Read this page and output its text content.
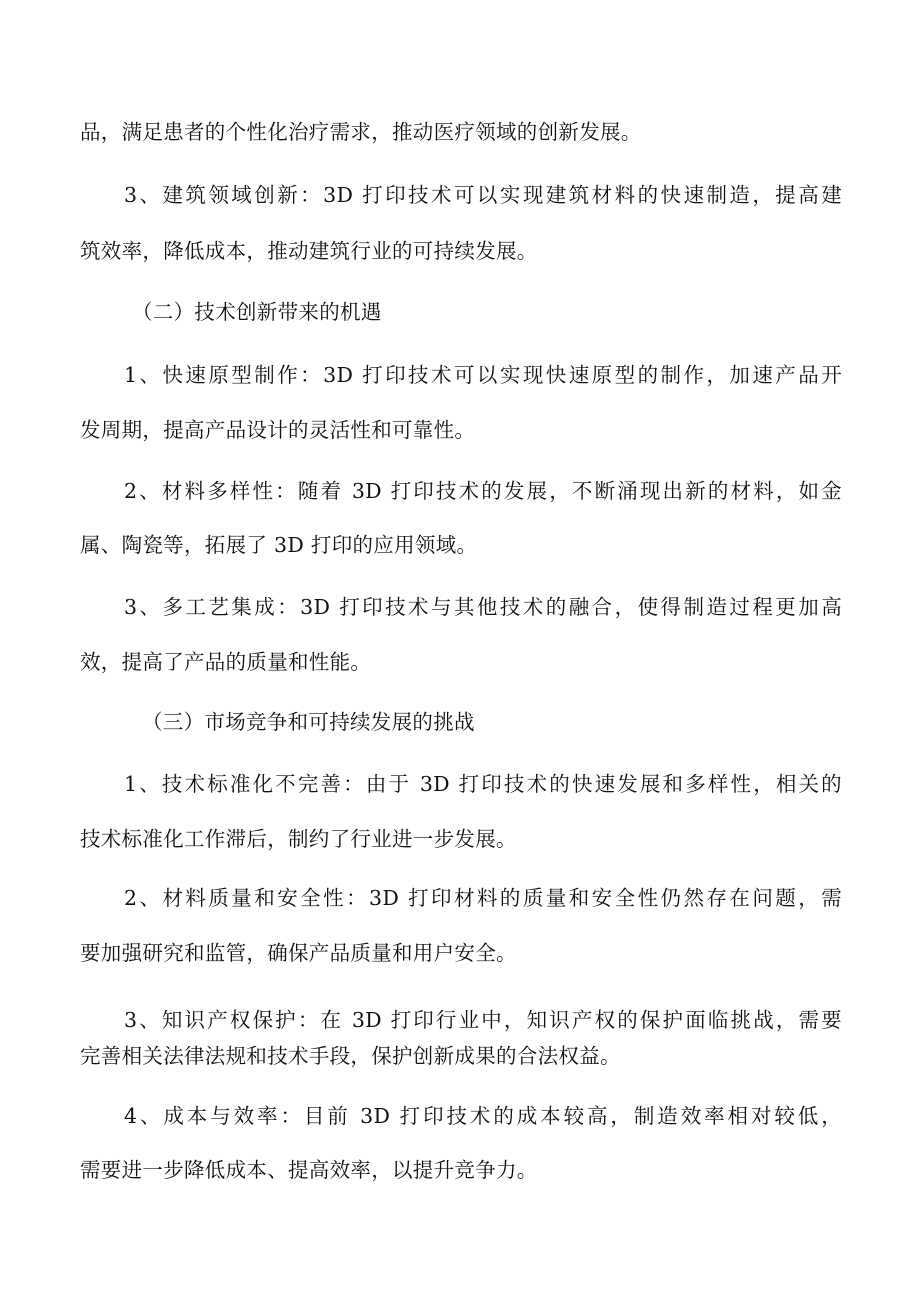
品，满足患者的个性化治疗需求，推动医疗领域的创新发展。
3、建筑领域创新：3D 打印技术可以实现建筑材料的快速制造，提高建
筑效率，降低成本，推动建筑行业的可持续发展。
（二）技术创新带来的机遇
1、快速原型制作：3D 打印技术可以实现快速原型的制作，加速产品开
发周期，提高产品设计的灵活性和可靠性。
2、材料多样性：随着 3D 打印技术的发展，不断涌现出新的材料，如金
属、陶瓷等，拓展了 3D 打印的应用领域。
3、多工艺集成：3D 打印技术与其他技术的融合，使得制造过程更加高
效，提高了产品的质量和性能。
（三）市场竞争和可持续发展的挑战
1、技术标准化不完善：由于 3D 打印技术的快速发展和多样性，相关的
技术标准化工作滞后，制约了行业进一步发展。
2、材料质量和安全性：3D 打印材料的质量和安全性仍然存在问题，需
要加强研究和监管，确保产品质量和用户安全。
3、知识产权保护：在 3D 打印行业中，知识产权的保护面临挑战，需要
完善相关法律法规和技术手段，保护创新成果的合法权益。
4、成本与效率：目前 3D 打印技术的成本较高，制造效率相对较低，
需要进一步降低成本、提高效率，以提升竞争力。
